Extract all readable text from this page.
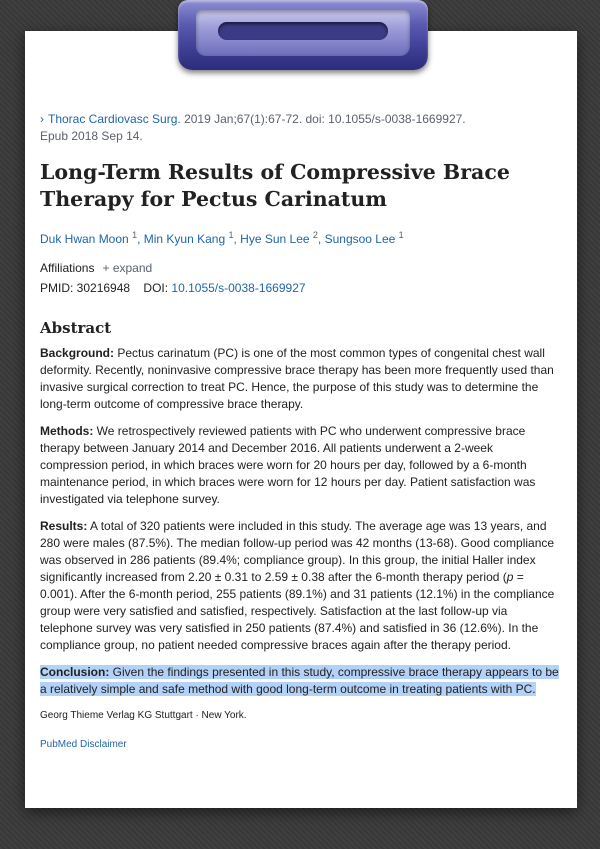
› Thorac Cardiovasc Surg. 2019 Jan;67(1):67-72. doi: 10.1055/s-0038-1669927.
Epub 2018 Sep 14.
Long-Term Results of Compressive Brace Therapy for Pectus Carinatum
Duk Hwan Moon $^1$, Min Kyun Kang $^1$, Hye Sun Lee $^2$, Sungsoo Lee $^1$
Affiliations + expand
PMID: 30216948 DOI: 10.1055/s-0038-1669927
Abstract

Background: Pectus carinatum (PC) is one of the most common types of congenital chest wall deformity. Recently, noninvasive compressive brace therapy has been more frequently used than invasive surgical correction to treat PC. Hence, the purpose of this study was to determine the long-term outcome of compressive brace therapy.

Methods: We retrospectively reviewed patients with PC who underwent compressive brace therapy between January 2014 and December 2016. All patients underwent a 2-week compression period, in which braces were worn for 20 hours per day, followed by a 6-month maintenance period, in which braces were worn for 12 hours per day. Patient satisfaction was investigated via telephone survey.

Results: A total of 320 patients were included in this study. The average age was 13 years, and 280 were males (87.5%). The median follow-up period was 42 months (13-68). Good compliance was observed in 286 patients (89.4%; compliance group). In this group, the initial Haller index significantly increased from 2.20 ± 0.31 to 2.59 ± 0.38 after the 6-month therapy period (p = 0.001). After the 6-month period, 255 patients (89.1%) and 31 patients (12.1%) in the compliance group were very satisfied and satisfied, respectively. Satisfaction at the last follow-up via telephone survey was very satisfied in 250 patients (87.4%) and satisfied in 36 (12.6%). In the compliance group, no patient needed compressive braces again after the therapy period.

Conclusion: Given the findings presented in this study, compressive brace therapy appears to be a relatively simple and safe method with good long-term outcome in treating patients with PC.

Georg Thieme Verlag KG Stuttgart · New York.
PubMed Disclaimer
